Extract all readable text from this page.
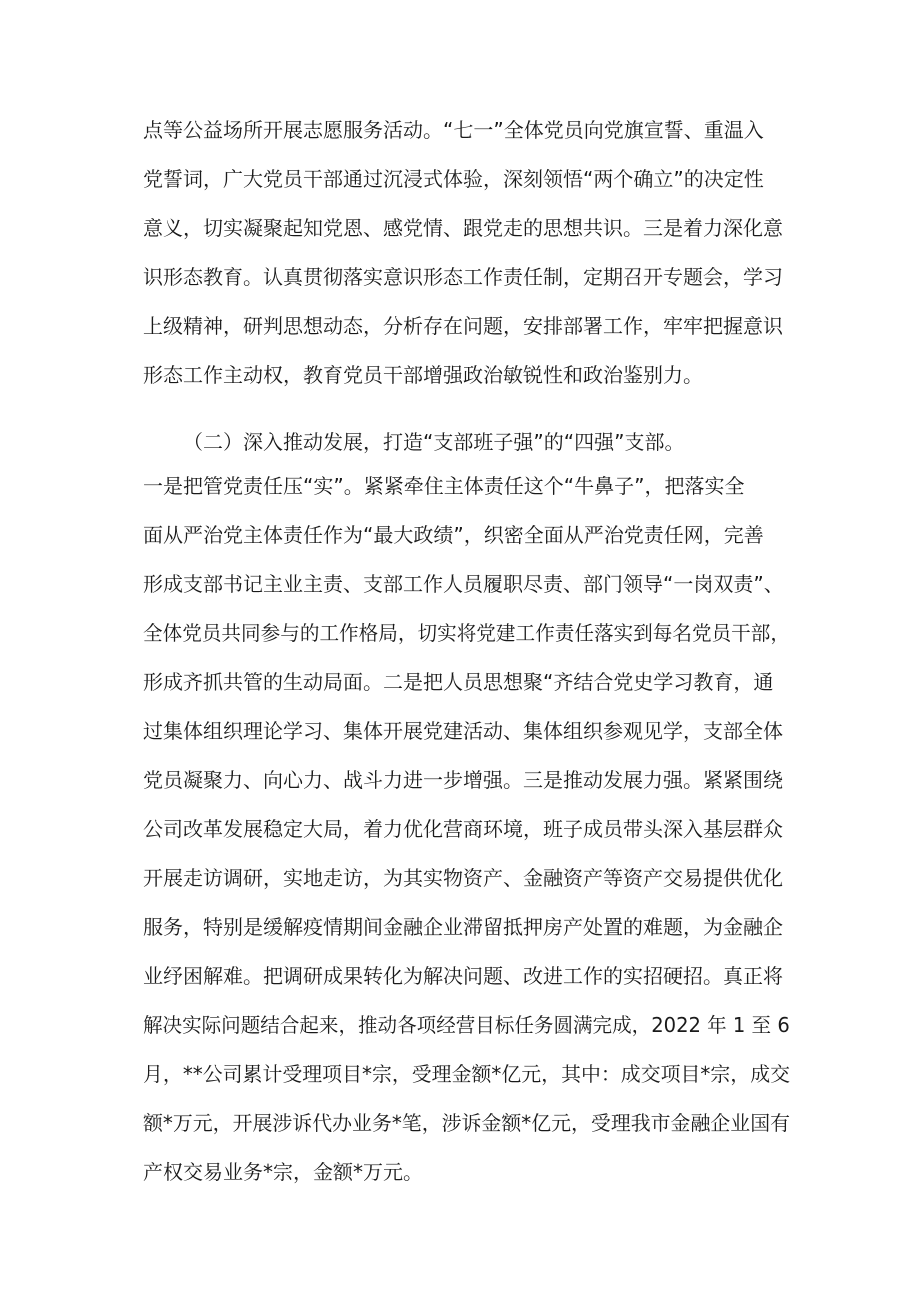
点等公益场所开展志愿服务活动。“七一”全体党员向党旗宣誓、重温入
党誓词，广大党员干部通过沉浸式体验，深刻领悟“两个确立”的决定性
意义，切实凝聚起知党恩、感党情、跟党走的思想共识。三是着力深化意
识形态教育。认真贯彻落实意识形态工作责任制，定期召开专题会，学习
上级精神，研判思想动态，分析存在问题，安排部署工作，牢牢把握意识
形态工作主动权，教育党员干部增强政治敏锐性和政治鉴别力。
（二）深入推动发展，打造“支部班子强”的“四强”支部。
一是把管党责任压“实”。紧紧牵住主体责任这个“牛鼻子”，把落实全
面从严治党主体责任作为“最大政绩”，织密全面从严治党责任网，完善
形成支部书记主业主责、支部工作人员履职尽责、部门领导“一岗双责”、
全体党员共同参与的工作格局，切实将党建工作责任落实到每名党员干部，
形成齐抓共管的生动局面。二是把人员思想聚“齐结合党史学习教育，通
过集体组织理论学习、集体开展党建活动、集体组织参观见学，支部全体
党员凝聚力、向心力、战斗力进一步增强。三是推动发展力强。紧紧围绕
公司改革发展稳定大局，着力优化营商环境，班子成员带头深入基层群众
开展走访调研，实地走访，为其实物资产、金融资产等资产交易提供优化
服务，特别是缓解疫情期间金融企业滞留抵押房产处置的难题，为金融企
业纾困解难。把调研成果转化为解决问题、改进工作的实招硬招。真正将
解决实际问题结合起来，推动各项经营目标任务圆满完成，2022 年 1 至 6
月，**公司累计受理项目*宗，受理金额*亿元，其中：成交项目*宗，成交
额*万元，开展涉诉代办业务*笔，涉诉金额*亿元，受理我市金融企业国有
产权交易业务*宗，金额*万元。
